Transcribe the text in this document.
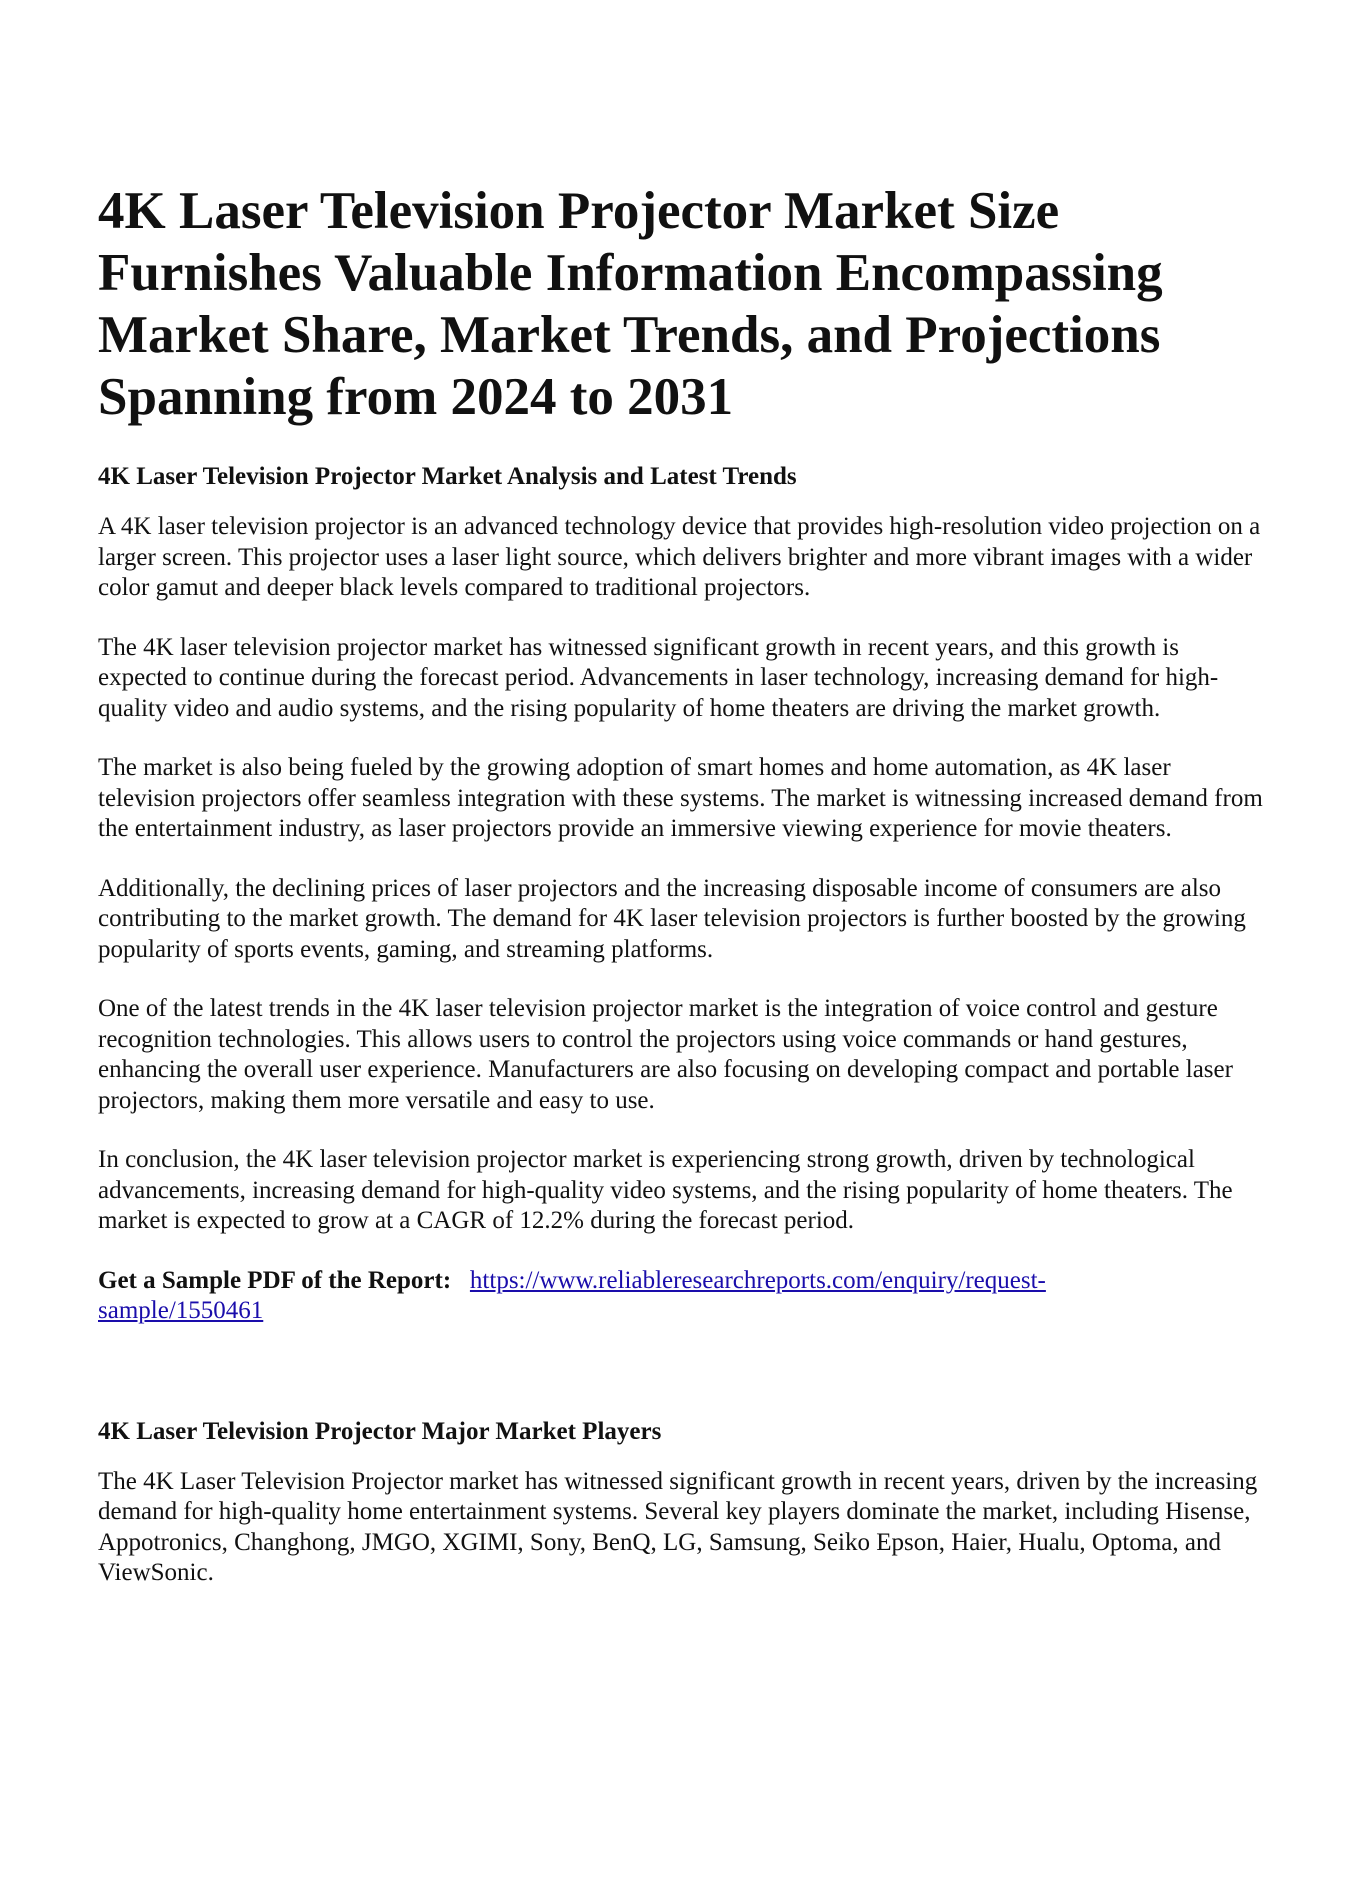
4K Laser Television Projector Market Size Furnishes Valuable Information Encompassing Market Share, Market Trends, and Projections Spanning from 2024 to 2031
4K Laser Television Projector Market Analysis and Latest Trends

A 4K laser television projector is an advanced technology device that provides high-resolution video projection on a larger screen. This projector uses a laser light source, which delivers brighter and more vibrant images with a wider color gamut and deeper black levels compared to traditional projectors.

The 4K laser television projector market has witnessed significant growth in recent years, and this growth is expected to continue during the forecast period. Advancements in laser technology, increasing demand for high-quality video and audio systems, and the rising popularity of home theaters are driving the market growth.

The market is also being fueled by the growing adoption of smart homes and home automation, as 4K laser television projectors offer seamless integration with these systems. The market is witnessing increased demand from the entertainment industry, as laser projectors provide an immersive viewing experience for movie theaters.

Additionally, the declining prices of laser projectors and the increasing disposable income of consumers are also contributing to the market growth. The demand for 4K laser television projectors is further boosted by the growing popularity of sports events, gaming, and streaming platforms.

One of the latest trends in the 4K laser television projector market is the integration of voice control and gesture recognition technologies. This allows users to control the projectors using voice commands or hand gestures, enhancing the overall user experience. Manufacturers are also focusing on developing compact and portable laser projectors, making them more versatile and easy to use.

In conclusion, the 4K laser television projector market is experiencing strong growth, driven by technological advancements, increasing demand for high-quality video systems, and the rising popularity of home theaters. The market is expected to grow at a CAGR of 12.2% during the forecast period.

Get a Sample PDF of the Report: https://www.reliableresearchreports.com/enquiry/request-sample/1550461

4K Laser Television Projector Major Market Players

The 4K Laser Television Projector market has witnessed significant growth in recent years, driven by the increasing demand for high-quality home entertainment systems. Several key players dominate the market, including Hisense, Appotronics, Changhong, JMGO, XGIMI, Sony, BenQ, LG, Samsung, Seiko Epson, Haier, Hualu, Optoma, and ViewSonic.
